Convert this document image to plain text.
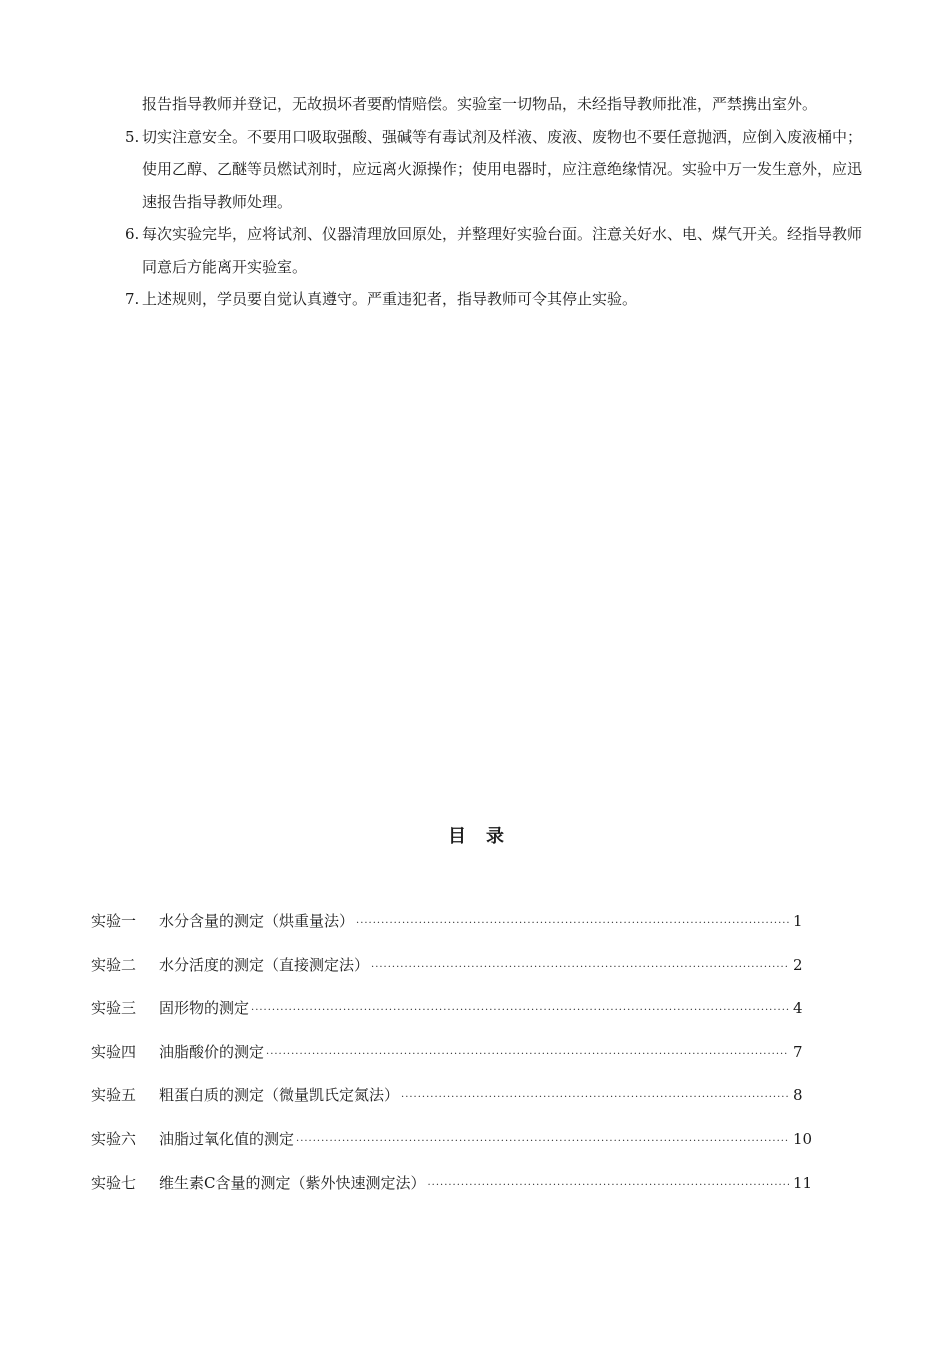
报告指导教师并登记，无故损坏者要酌情赔偿。实验室一切物品，未经指导教师批准，严禁携出室外。
5. 切实注意安全。不要用口吸取强酸、强碱等有毒试剂及样液、废液、废物也不要任意抛洒，应倒入废液桶中；使用乙醇、乙醚等员燃试剂时，应远离火源操作；使用电器时，应注意绝缘情况。实验中万一发生意外，应迅速报告指导教师处理。
6. 每次实验完毕，应将试剂、仪器清理放回原处，并整理好实验台面。注意关好水、电、煤气开关。经指导教师同意后方能离开实验室。
7. 上述规则，学员要自觉认真遵守。严重违犯者，指导教师可令其停止实验。
目录
实验一	水分含量的测定（烘重量法） ·····	1
实验二	水分活度的测定（直接测定法） ·····	2
实验三	固形物的测定 ·····	4
实验四	油脂酸价的测定 ·····	7
实验五	粗蛋白质的测定（微量凯氏定氮法） ·····	8
实验六	油脂过氧化值的测定 ·····	10
实验七	维生素C含量的测定（紫外快速测定法） ·····	11
